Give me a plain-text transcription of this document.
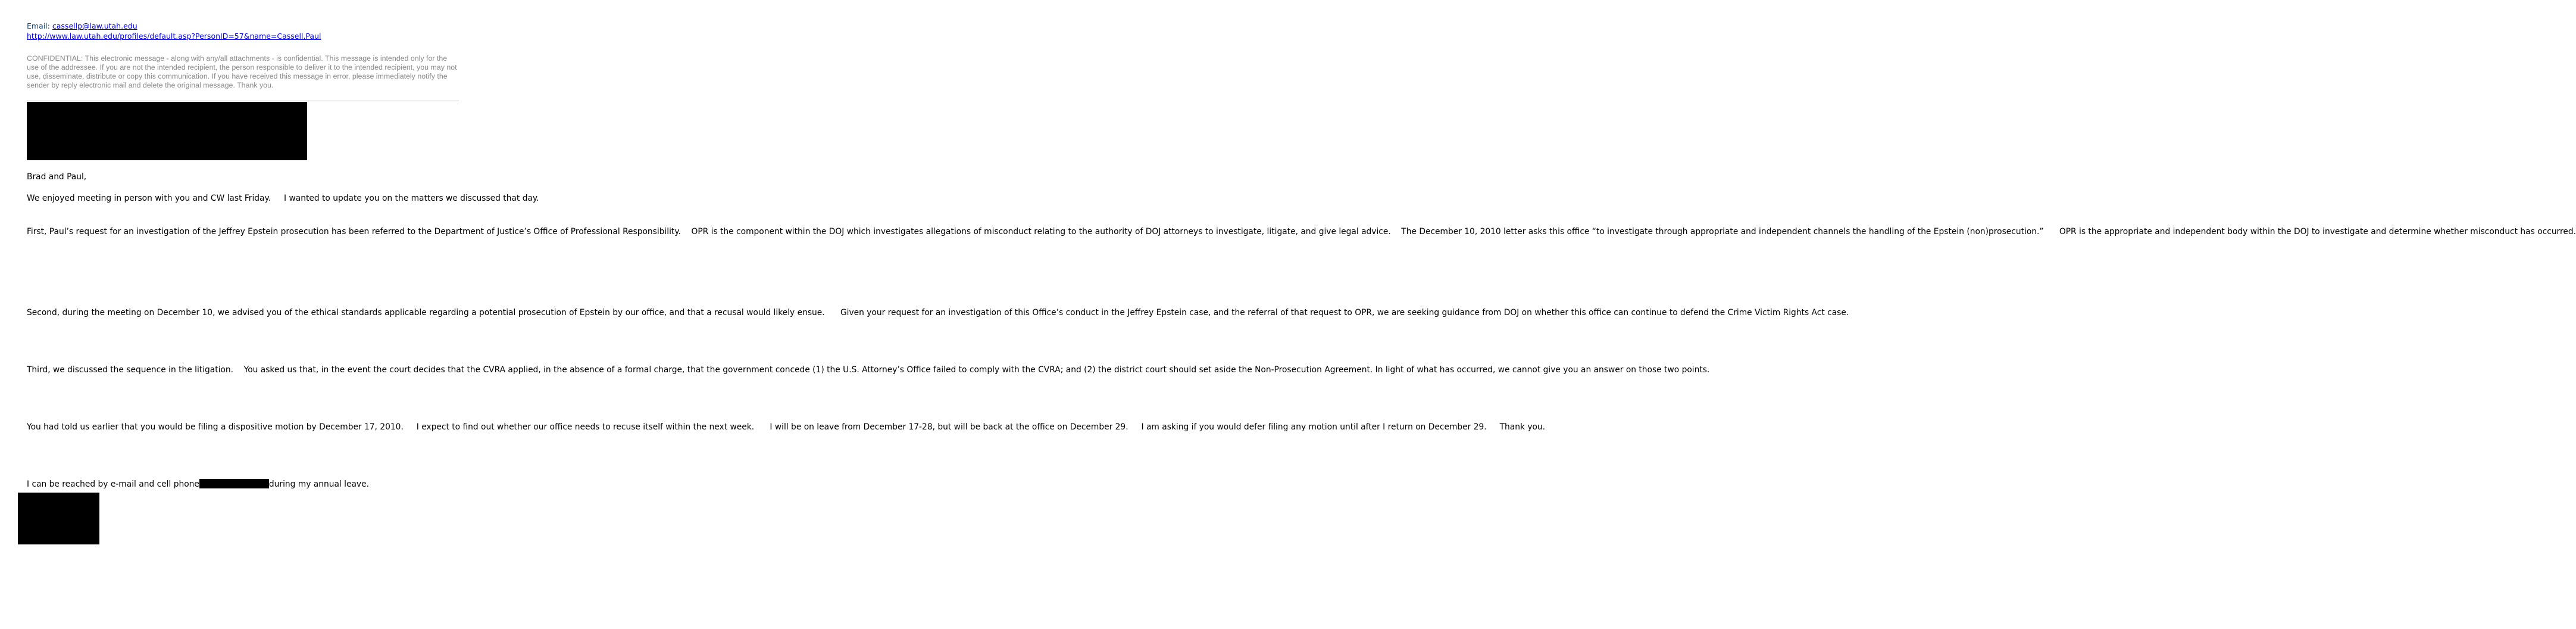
Email: cassellp@law.utah.edu
http://www.law.utah.edu/profiles/default.asp?PersonID=57&name=Cassell,Paul
CONFIDENTIAL: This electronic message - along with any/all attachments - is confidential. This message is intended only for the use of the addressee. If you are not the intended recipient, the person responsible to deliver it to the intended recipient, you may not use, disseminate, distribute or copy this communication. If you have received this message in error, please immediately notify the sender by reply electronic mail and delete the original message. Thank you.

Brad and Paul,

We enjoyed meeting in person with you and CW last Friday.     I wanted to update you on the matters we discussed that day.

First, Paul’s request for an investigation of the Jeffrey Epstein prosecution has been referred to the Department of Justice’s Office of Professional Responsibility.    OPR is the component within the DOJ which investigates allegations of misconduct relating to the authority of DOJ attorneys to investigate, litigate, and give legal advice.    The December 10, 2010 letter asks this office “to investigate through appropriate and independent channels the handling of the Epstein (non)prosecution.”      OPR is the appropriate and independent body within the DOJ to investigate and determine whether misconduct has occurred.

Second, during the meeting on December 10, we advised you of the ethical standards applicable regarding a potential prosecution of Epstein by our office, and that a recusal would likely ensue.      Given your request for an investigation of this Office’s conduct in the Jeffrey Epstein case, and the referral of that request to OPR, we are seeking guidance from DOJ on whether this office can continue to defend the Crime Victim Rights Act case.

Third, we discussed the sequence in the litigation.    You asked us that, in the event the court decides that the CVRA applied, in the absence of a formal charge, that the government concede (1) the U.S. Attorney’s Office failed to comply with the CVRA; and (2) the district court should set aside the Non-Prosecution Agreement. In light of what has occurred, we cannot give you an answer on those two points.

You had told us earlier that you would be filing a dispositive motion by December 17, 2010.     I expect to find out whether our office needs to recuse itself within the next week.      I will be on leave from December 17-28, but will be back at the office on December 29.     I am asking if you would defer filing any motion until after I return on December 29.     Thank you.

I can be reached by e-mail and cell phone	during my annual leave.
